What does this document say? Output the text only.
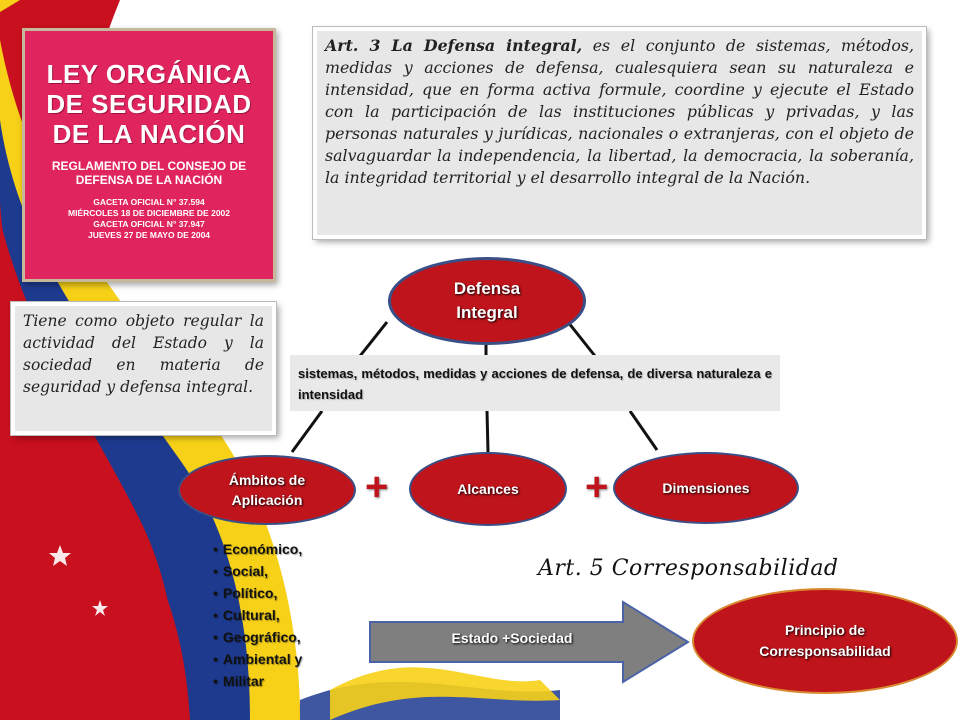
LEY ORGÁNICA DE SEGURIDAD DE LA NACIÓN
REGLAMENTO DEL CONSEJO DE DEFENSA DE LA NACIÓN
GACETA OFICIAL N° 37.594
MIÉRCOLES 18 DE DICIEMBRE DE 2002
GACETA OFICIAL N° 37.947
JUEVES 27 DE MAYO DE 2004
Art. 3 La Defensa integral, es el conjunto de sistemas, métodos, medidas y acciones de defensa, cualesquiera sean su naturaleza e intensidad, que en forma activa formule, coordine y ejecute el Estado con la participación de las instituciones públicas y privadas, y las personas naturales y jurídicas, nacionales o extranjeras, con el objeto de salvaguardar la independencia, la libertad, la democracia, la soberanía, la integridad territorial y el desarrollo integral de la Nación.
Tiene como objeto regular la actividad del Estado y la sociedad en materia de seguridad y defensa integral.
Defensa
Integral
sistemas, métodos, medidas y acciones de defensa, de diversa naturaleza e intensidad
Ámbitos de
Aplicación +	Alcances	+	Dimensiones
• Económico,
• Social,
• Político,
• Cultural,
• Geográfico,
• Ambiental y
• Militar
Art. 5 Corresponsabilidad
Estado +Sociedad	Principio de
Corresponsabilidad
